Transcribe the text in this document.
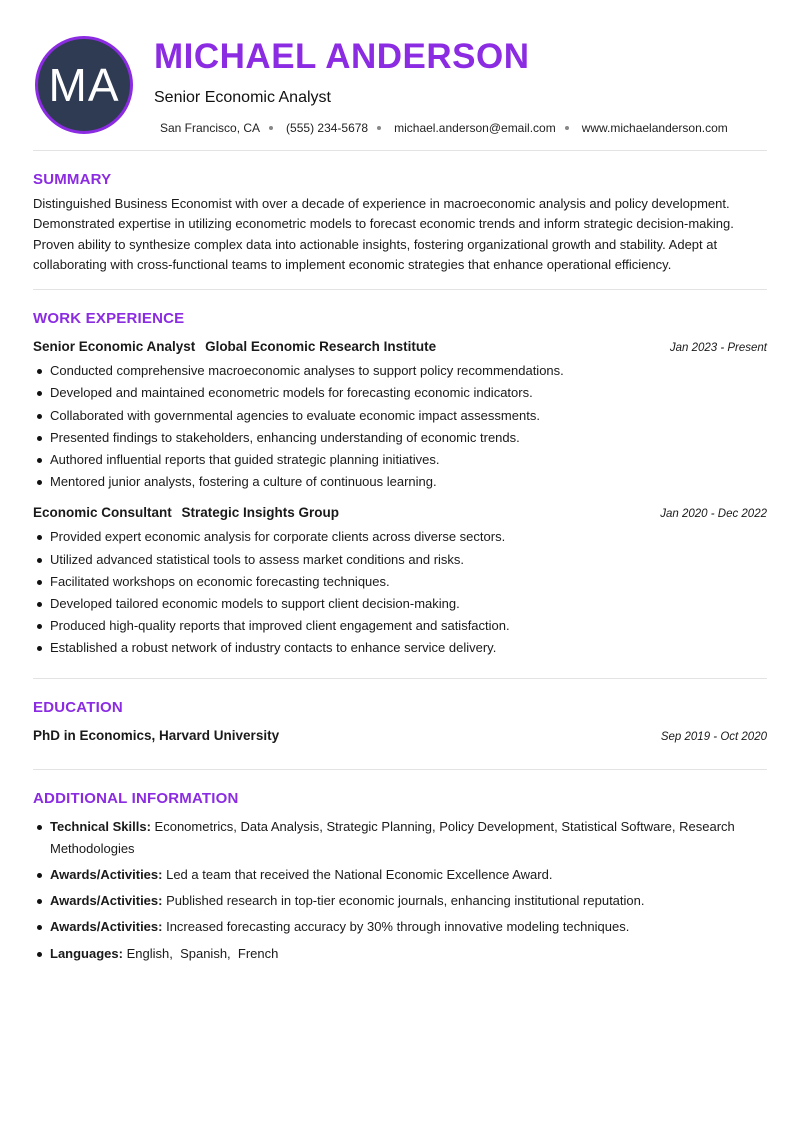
MA
MICHAEL ANDERSON
Senior Economic Analyst
San Francisco, CA (555) 234-5678 michael.anderson@email.com www.michaelanderson.com
SUMMARY

Distinguished Business Economist with over a decade of experience in macroeconomic analysis and policy development. Demonstrated expertise in utilizing econometric models to forecast economic trends and inform strategic decision-making. Proven ability to synthesize complex data into actionable insights, fostering organizational growth and stability. Adept at collaborating with cross-functional teams to implement economic strategies that enhance operational efficiency.

WORK EXPERIENCE
Senior Economic Analyst Global Economic Research Institute	Jan 2023 - Present
Conducted comprehensive macroeconomic analyses to support policy recommendations.
Developed and maintained econometric models for forecasting economic indicators.
Collaborated with governmental agencies to evaluate economic impact assessments.
Presented findings to stakeholders, enhancing understanding of economic trends.
Authored influential reports that guided strategic planning initiatives.
Mentored junior analysts, fostering a culture of continuous learning.
Economic Consultant Strategic Insights Group	Jan 2020 - Dec 2022
Provided expert economic analysis for corporate clients across diverse sectors.
Utilized advanced statistical tools to assess market conditions and risks.
Facilitated workshops on economic forecasting techniques.
Developed tailored economic models to support client decision-making.
Produced high-quality reports that improved client engagement and satisfaction.
Established a robust network of industry contacts to enhance service delivery.
EDUCATION
PhD in Economics, Harvard University	Sep 2019 - Oct 2020
ADDITIONAL INFORMATION
Technical Skills: Econometrics, Data Analysis, Strategic Planning, Policy Development, Statistical Software, Research Methodologies
Awards/Activities: Led a team that received the National Economic Excellence Award.
Awards/Activities: Published research in top-tier economic journals, enhancing institutional reputation.
Awards/Activities: Increased forecasting accuracy by 30% through innovative modeling techniques.
Languages: English,  Spanish,  French
